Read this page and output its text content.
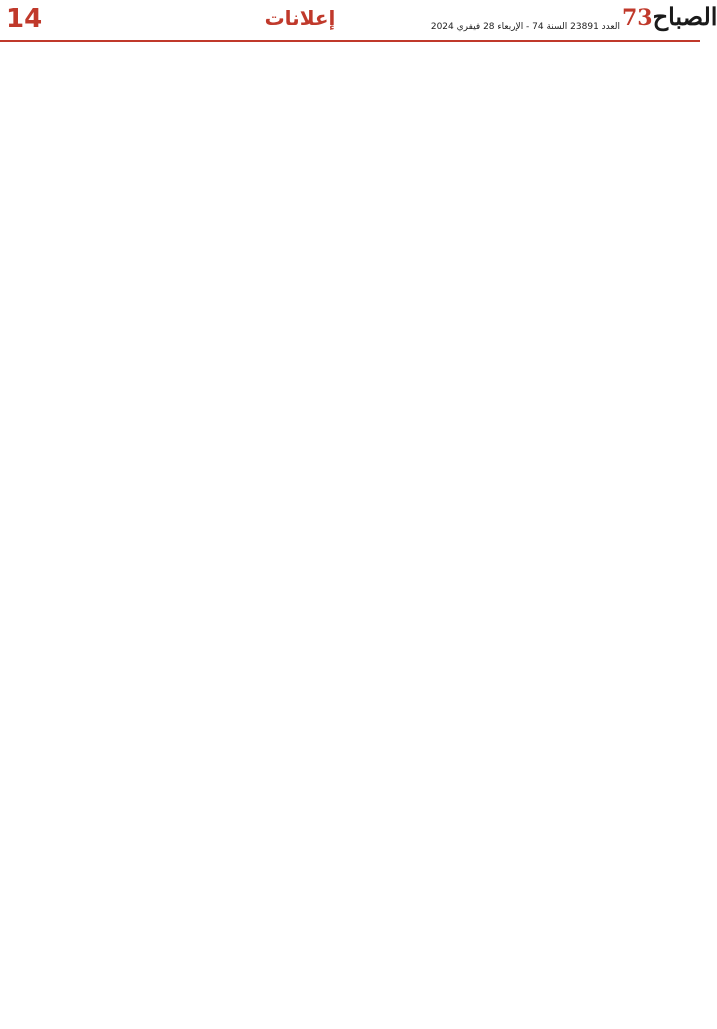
14	إعلانات	العدد 23891 السنة 74 - الإربعاء 28 فيفري 2024 73الصباح
